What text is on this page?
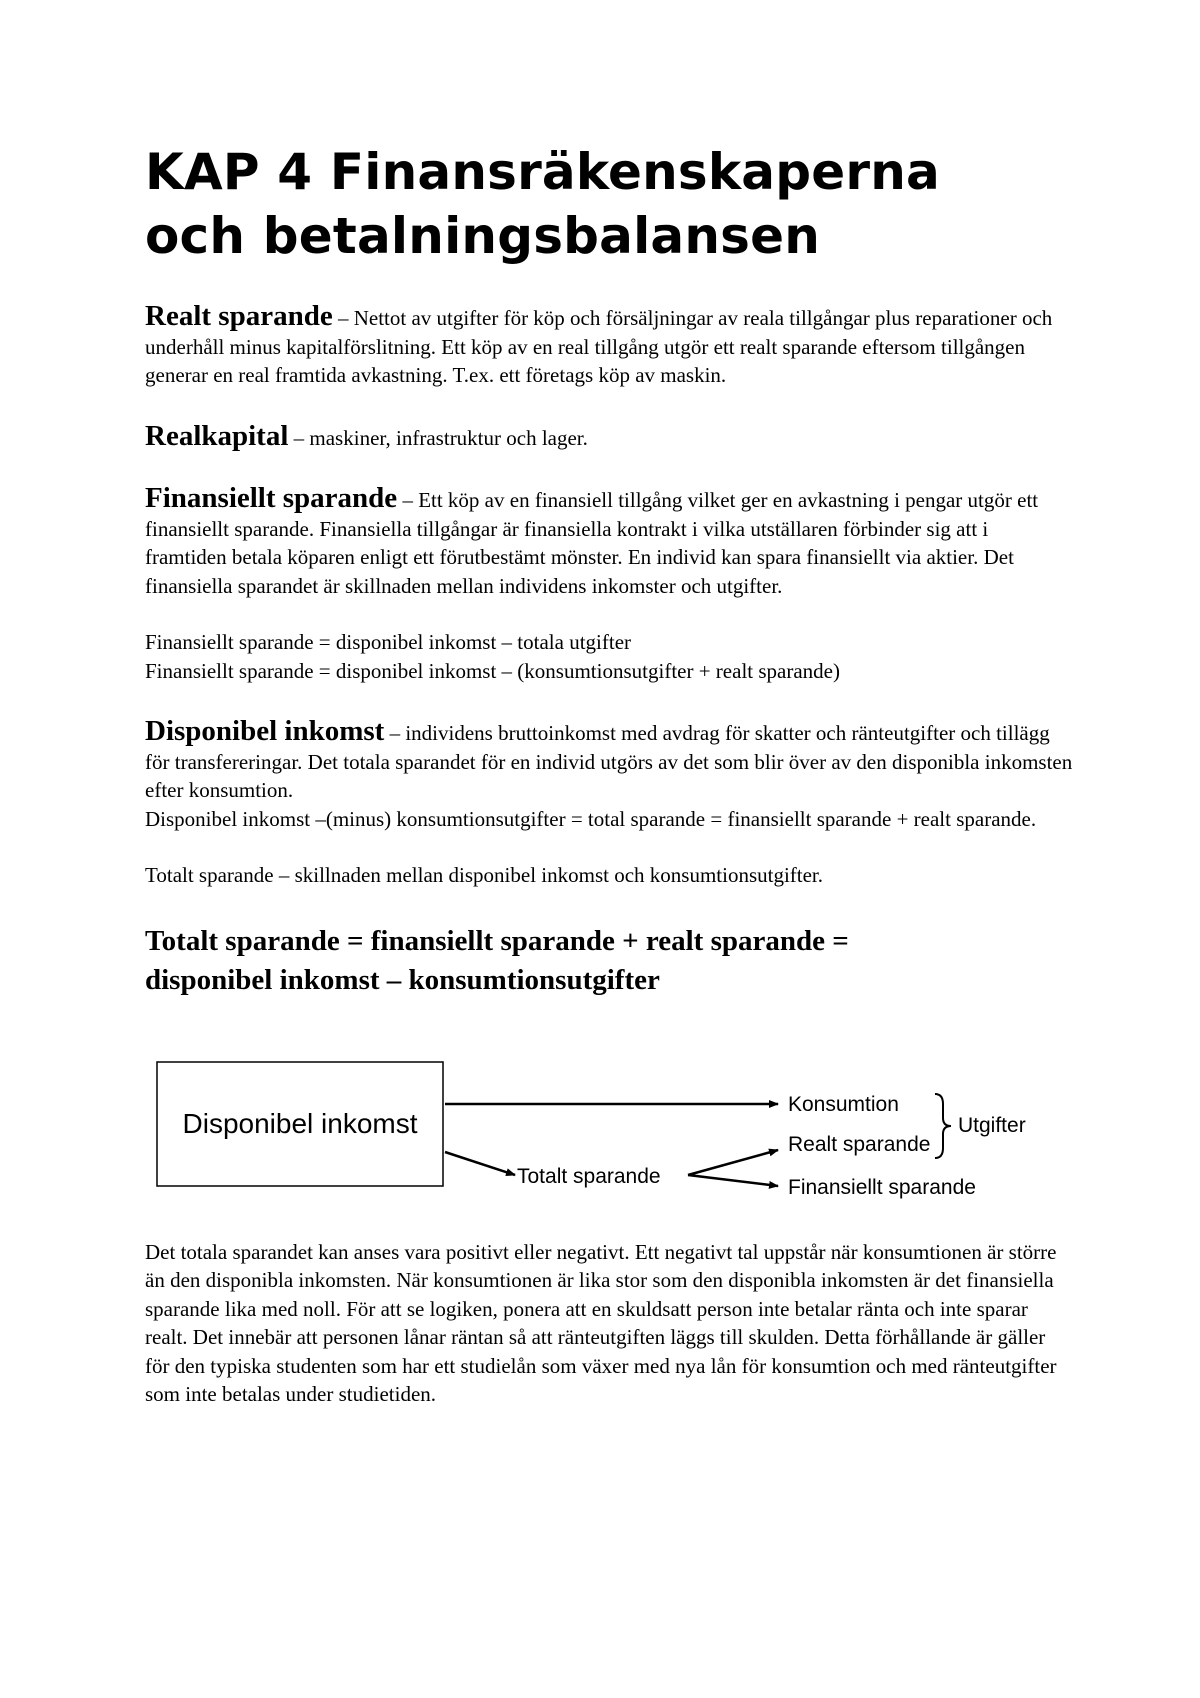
KAP 4 Finansräkenskaperna
och betalningsbalansen

Realt sparande – Nettot av utgifter för köp och försäljningar av reala tillgångar plus reparationer och underhåll minus kapitalförslitning. Ett köp av en real tillgång utgör ett realt sparande eftersom tillgången generar en real framtida avkastning. T.ex. ett företags köp av maskin.

Realkapital – maskiner, infrastruktur och lager.

Finansiellt sparande – Ett köp av en finansiell tillgång vilket ger en avkastning i pengar utgör ett finansiellt sparande. Finansiella tillgångar är finansiella kontrakt i vilka utställaren förbinder sig att i framtiden betala köparen enligt ett förutbestämt mönster. En individ kan spara finansiellt via aktier. Det finansiella sparandet är skillnaden mellan individens inkomster och utgifter.

Finansiellt sparande = disponibel inkomst – totala utgifter

Finansiellt sparande = disponibel inkomst – (konsumtionsutgifter + realt sparande)

Disponibel inkomst – individens bruttoinkomst med avdrag för skatter och ränteutgifter och tillägg för transfereringar. Det totala sparandet för en individ utgörs av det som blir över av den disponibla inkomsten efter konsumtion.

Disponibel inkomst –(minus) konsumtionsutgifter = total sparande = finansiellt sparande + realt sparande.

Totalt sparande – skillnaden mellan disponibel inkomst och konsumtionsutgifter.

Totalt sparande = finansiellt sparande + realt sparande =
disponibel inkomst – konsumtionsutgifter

Disponibel inkomst
Totalt sparande
Konsumtion
Realt sparande
Finansiellt sparande
Utgifter

Det totala sparandet kan anses vara positivt eller negativt. Ett negativt tal uppstår när konsumtionen är större än den disponibla inkomsten. När konsumtionen är lika stor som den disponibla inkomsten är det finansiella sparande lika med noll. För att se logiken, ponera att en skuldsatt person inte betalar ränta och inte sparar realt. Det innebär att personen lånar räntan så att ränteutgiften läggs till skulden. Detta förhållande är gäller för den typiska studenten som har ett studielån som växer med nya lån för konsumtion och med ränteutgifter som inte betalas under studietiden.
